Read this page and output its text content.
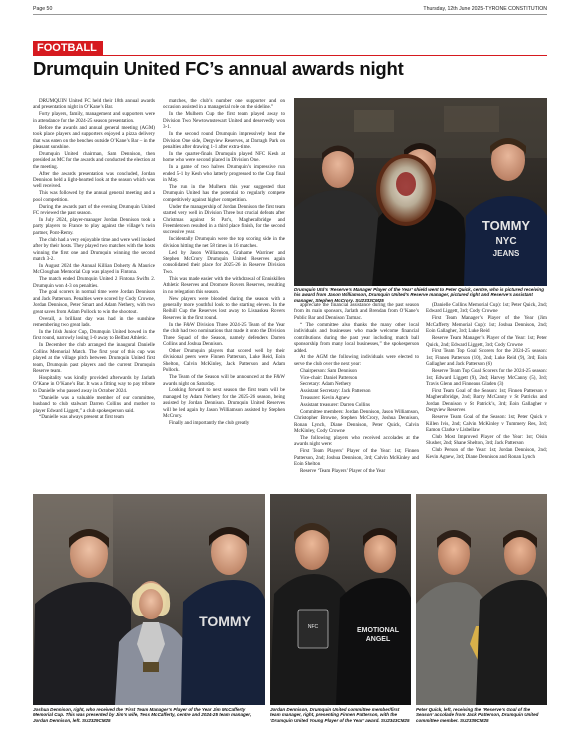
Page 50	Thursday, 12th June 2025-TYRONE CONSTITUTION
FOOTBALL
Drumquin United FC’s annual awards night

DRUMQUIN United FC held their 18th annual awards and presentation night in O’Kane’s Bar.

Forty players, family, management and supporters were in attendance for the 2024-25 season presentation.

Before the awards and annual general meeting (AGM) took place players and supporters enjoyed a pizza delivery that was eaten on the benches outside O’Kane’s Bar – in the pleasant sunshine.

Drumquin United chairman, Sam Dennison, then presided as MC for the awards and conducted the election at the meeting.

After the awards presentation was concluded, Jordan Dennison held a light-hearted look at the season which was well received.

This was followed by the annual general meeting and a pool competition.

During the awards part of the evening Drumquin United FC reviewed the past season.

In July 2024, player-manager Jordan Dennison took a party players to France to play against the village’s twin partner, Pont-Remy.

The club had a very enjoyable time and were well looked after by their hosts. They played two matches with the hosts winning the first one and Drumquin winning the second match 3-2.

In August 2024 the Annual Killian Doherty & Maurice McCloughan Memorial Cup was played in Fintona.

The match ended Drumquin United 2 Fintona Swifts 2. Drumquin won 4-3 on penalties.

The goal scorers in normal time were Jordan Dennison and Jack Patterson. Penalties were scored by Cody Crowne, Jordan Dennison, Peter Smart and Adam Nethery, with two great saves from Adam Pollock to win the shootout.

Overall, a brilliant day was had in the sunshine remembering two great lads.

In the Irish Junior Cup, Drumquin United bowed in the first round, narrowly losing 1-0 away to Belfast Athletic.

In December the club arranged the inaugural Danielle Collins Memorial Match. The first year of this cup was played at the village pitch between Drumquin United first team, Drumquin past players and the current Drumquin Reserve team.

Hospitality was kindly provided afterwards by Jarlath O’Kane in O’Kane’s Bar. It was a fitting way to pay tribute to Danielle who passed away in October 2024.

“Danielle was a valuable member of our committee, husband to club stalwart Darren Collins and mother to player Edward Liggett,” a club spokesperson said.

“Danielle was always present at first team

matches, the club’s number one supporter and on occasion assisted in a managerial role on the sideline.”

In the Mulhern Cup the first team played away to Division Two Newtownstewart United and deservedly won 3-1.

In the second round Drumquin impressively beat the Division One side, Dergview Reserves, at Darragh Park on penalties after drawing 1-1 after extra-time.

In the quarter-finals Drumquin played NFC Kesh at home who were second placed in Division One.

In a game of two halves Drumquin’s impressive run ended 5-1 by Kesh who latterly progressed to the Cup final in May.

The run in the Mulhern this year suggested that Drumquin United has the potential to regularly compete competitively against higher competition.

Under the managership of Jordan Dennison the first team started very well in Division Three but crucial defeats after Christmas against St Pat’s, Magheralbridge and Freemletown resulted in a third place finish, for the second successive year.

Incidentally Drumquin were the top scoring side in the division hitting the net 58 times in 16 matches.

Led by Jason Williamson, Grahame Warriner and Stephen McCrory Drumquin United Reserves again consolidated their place for 2025-26 in Reserve Division Two.

This was made easier with the withdrawal of Enniskillen Athletic Reserves and Dromore Rovers Reserves, resulting in no relegation this season.

New players were blooded during the season with a generally more youthful look to the starting eleven. In the Reihill Cup the Reserves lost away to Lisnaskea Rovers Reserves in the first round.

In the F&W Division Three 2024-25 Team of the Year the club had two nominations that made it onto the Division Three Squad of the Season, namely defenders Darren Collins and Joshua Dennison.

Other Drumquin players that scored well by their divisional peers were Finnen Patterson, Luke Reid, Eoin Shelton, Calvin McKinley, Jack Patterson and Adam Pollock.

The Team of the Season will be announced at the F&W awards night on Saturday.

Looking forward to next season the first team will be managed by Adam Nethery for the 2025-26 season, being assisted by Jordan Dennison. Drumquin United Reserves will be led again by Jason Williamson assisted by Stephen McCrory.

Finally and importantly the club greatly

appreciate the financial assistance during the past season from its main sponsors, Jarlath and Brendan from O’Kane’s Public Bar and Dennison Tarmac.

“ The committee also thanks the many other local individuals and businesses who made welcome financial contributions during the past year including match ball sponsorship from many local businesses,” the spokesperson added.

At the AGM the following individuals were elected to serve the club over the next year:

Chairperson: Sam Dennison

Vice-chair: Daniel Patterson

Secretary: Adam Nethery

Assistant Secretary: Jack Patterson

Treasurer: Kevin Agnew

Assistant treasurer: Darren Collins

Committee members: Jordan Dennison, Jason Williamson, Christopher Browne, Stephen McCrory, Joshua Dennison, Ronan Lynch, Diane Dennison, Peter Quick, Calvin McKinley, Cody Crowne

The following players who received accolades at the awards night were:

First Team Players’ Player of the Year: 1st; Finnen Patterson, 2nd; Joshua Dennison, 3rd; Calvin McKinley and Eoin Shelton

Reserve ‘Team Players’ Player of the Year

(Danielle Collins Memorial Cup): 1st; Peter Quick, 2nd; Edward Liggett, 3rd; Cody Crowne

First Team Manager’s Player of the Year (Jim McCafferty Memorial Cup): 1st; Joshua Dennison, 2nd; Eoin Gallagher, 3rd; Luke Reid

Reserve Team Manager’s Player of the Year: 1st; Peter Quick, 2nd; Edward Liggett, 3rd; Cody Crowne

First Team Top Goal Scorers for the 2024-25 season: 1st; Finnen Patterson (10), 2nd; Luke Reid (9), 3rd; Eoin Gallagher and Jack Patterson (6)

Reserve Team Top Goal Scorers for the 2024-25 season: 1st; Edward Liggett (9), 2nd; Harvey McCanny (5), 3rd; Travis Glenn and Finneaus Gladen (3)

First Team Goal of the Season: 1st; Finnen Patterson v Magheralbridge, 2nd; Barry McCanny v St Patricks and Jordan Dennison v St Patrick’s, 3rd; Eoin Gallagher v Dergview Reserves

Reserve Team Goal of the Season: 1st; Peter Quick v Killen Ivis, 2nd; Calvin McKinley v Tummery Res, 3rd; Eamon Clarke v Lisbellaw

Club Most Improved Player of the Year: 1st; Oisin Slusher, 2nd; Shane Shelton, 3rd; Jack Patterson

Club Person of the Year: 1st; Jordan Dennison, 2nd; Kevin Agnew, 3rd; Diane Dennison and Ronan Lynch

TOMMY
NYC
JEANS
Drumquin Utd’s ‘Reserve’s Manager Player of the Year’ shield went to Peter Quick, centre, who is pictured receiving his award from Jason Williamson, Drumquin United’s Reserve manager, pictured right and Reserve’s assistant manager, Stephen McCrory. SU2333CM25
TOMMY
Joshua Dennison, right, who received the ‘First Team Manager’s Player of the Year Jim McCafferty Memorial Cup. This was presented by Jim’s wife, Tess McCafferty, centre and 2024-25 team manager, Jordan Dennison, left. SU2329CM25
NFC	EMOTIONAL
ANGEL
Jordan Dennison, Drumquin United committee member/first team manager, right, presenting Finnen Patterson, with the ‘Drumquin United Young Player of the Year’ award. SU2343CM25
Peter Quick, left, receiving the ‘Reserve’s Goal of the Season’ accolade from Jack Patterson, Drumquin United committee member. SU2339CM25
